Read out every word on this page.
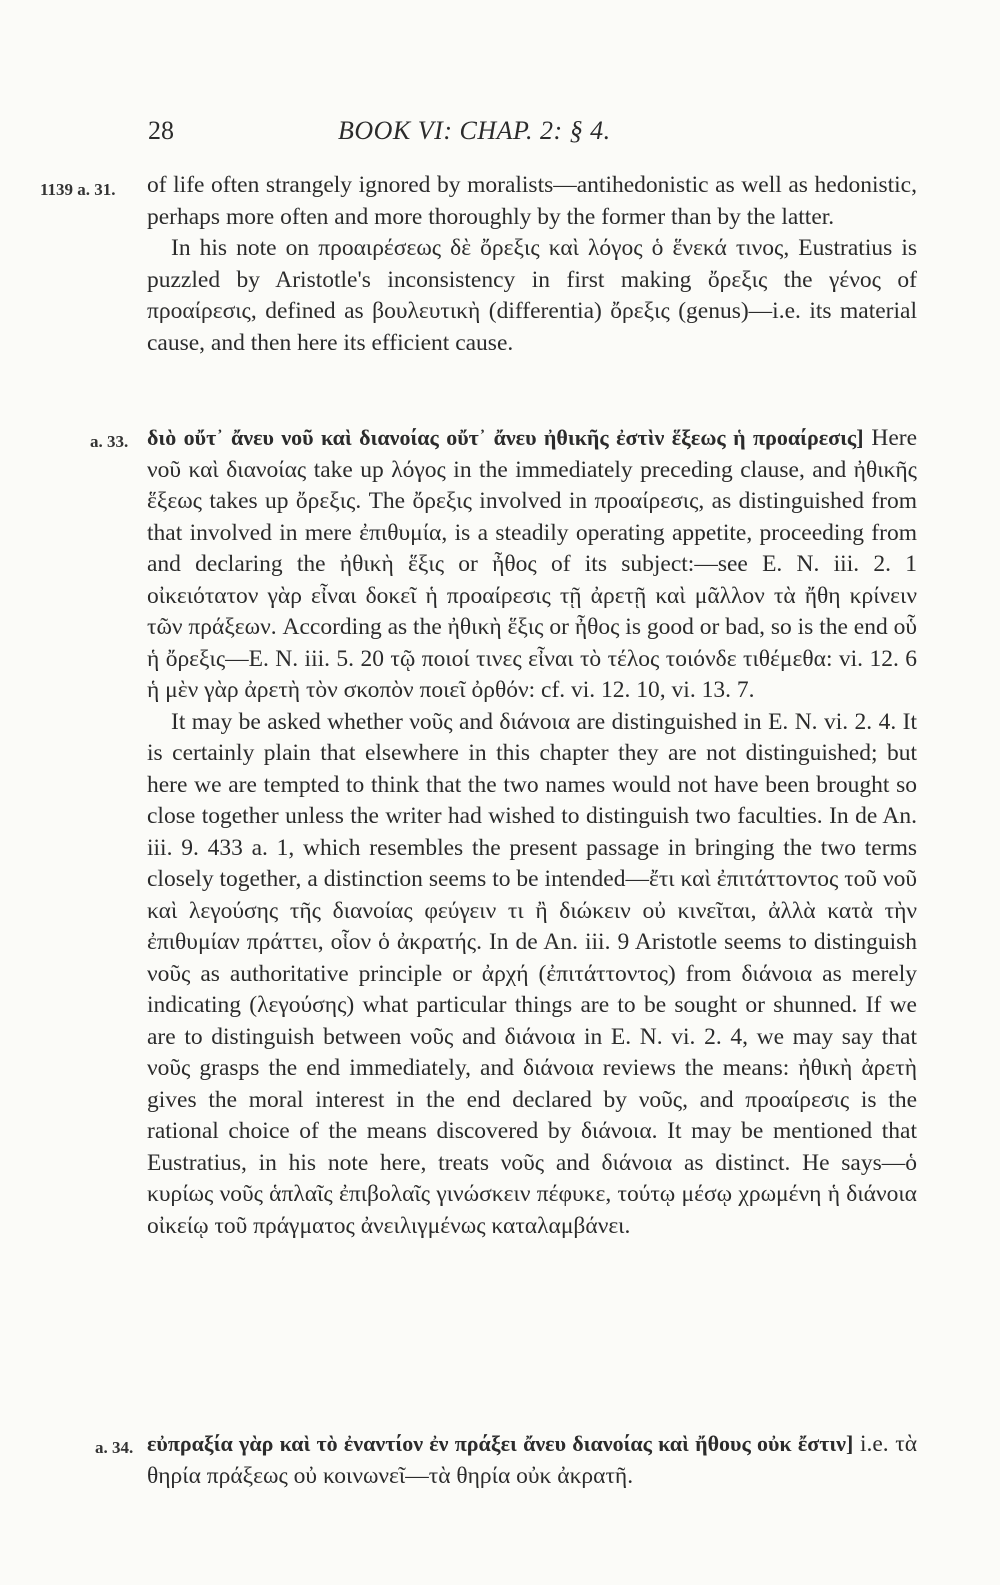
28	BOOK VI: CHAP. 2: § 4.
1139 a. 31. of life often strangely ignored by moralists—antihedonistic as well as hedonistic, perhaps more often and more thoroughly by the former than by the latter.

In his note on προαιρέσεως δὲ ὄρεξις καὶ λόγος ὁ ἕνεκά τινος, Eustratius is puzzled by Aristotle's inconsistency in first making ὄρεξις the γένος of προαίρεσις, defined as βουλευτικὴ (differentia) ὄρεξις (genus)—i.e. its material cause, and then here its efficient cause.

a. 33. διὸ οὔτ᾽ ἄνευ νοῦ καὶ διανοίας οὔτ᾽ ἄνευ ἠθικῆς ἐστὶν ἕξεως ἡ προαίρεσις] Here νοῦ καὶ διανοίας take up λόγος in the immediately preceding clause, and ἠθικῆς ἕξεως takes up ὄρεξις. The ὄρεξις involved in προαίρεσις, as distinguished from that involved in mere ἐπιθυμία, is a steadily operating appetite, proceeding from and declaring the ἠθικὴ ἕξις or ἦθος of its subject:—see E. N. iii. 2. 1 οἰκειότατον γὰρ εἶναι δοκεῖ ἡ προαίρεσις τῇ ἀρετῇ καὶ μᾶλλον τὰ ἤθη κρίνειν τῶν πράξεων. According as the ἠθικὴ ἕξις or ἦθος is good or bad, so is the end οὗ ἡ ὄρεξις—E. N. iii. 5. 20 τῷ ποιοί τινες εἶναι τὸ τέλος τοιόνδε τιθέμεθα: vi. 12. 6 ἡ μὲν γὰρ ἀρετὴ τὸν σκοπὸν ποιεῖ ὀρθόν: cf. vi. 12. 10, vi. 13. 7.

It may be asked whether νοῦς and διάνοια are distinguished in E. N. vi. 2. 4. It is certainly plain that elsewhere in this chapter they are not distinguished; but here we are tempted to think that the two names would not have been brought so close together unless the writer had wished to distinguish two faculties. In de An. iii. 9. 433 a. 1, which resembles the present passage in bringing the two terms closely together, a distinction seems to be intended—ἔτι καὶ ἐπιτάττοντος τοῦ νοῦ καὶ λεγούσης τῆς διανοίας φεύγειν τι ἢ διώκειν οὐ κινεῖται, ἀλλὰ κατὰ τὴν ἐπιθυμίαν πράττει, οἷον ὁ ἀκρατής. In de An. iii. 9 Aristotle seems to distinguish νοῦς as authoritative principle or ἀρχή (ἐπιτάττοντος) from διάνοια as merely indicating (λεγούσης) what particular things are to be sought or shunned. If we are to distinguish between νοῦς and διάνοια in E. N. vi. 2. 4, we may say that νοῦς grasps the end immediately, and διάνοια reviews the means: ἠθικὴ ἀρετὴ gives the moral interest in the end declared by νοῦς, and προαίρεσις is the rational choice of the means discovered by διάνοια. It may be mentioned that Eustratius, in his note here, treats νοῦς and διάνοια as distinct. He says—ὁ κυρίως νοῦς ἁπλαῖς ἐπιβολαῖς γινώσκειν πέφυκε, τούτῳ μέσῳ χρωμένη ἡ διάνοια οἰκείῳ τοῦ πράγματος ἀνειλιγμένως καταλαμβάνει.

a. 34. εὐπραξία γὰρ καὶ τὸ ἐναντίον ἐν πράξει ἄνευ διανοίας καὶ ἤθους οὐκ ἔστιν] i.e. τὰ θηρία πράξεως οὐ κοινωνεῖ—τὰ θηρία οὐκ ἀκρατῆ.
